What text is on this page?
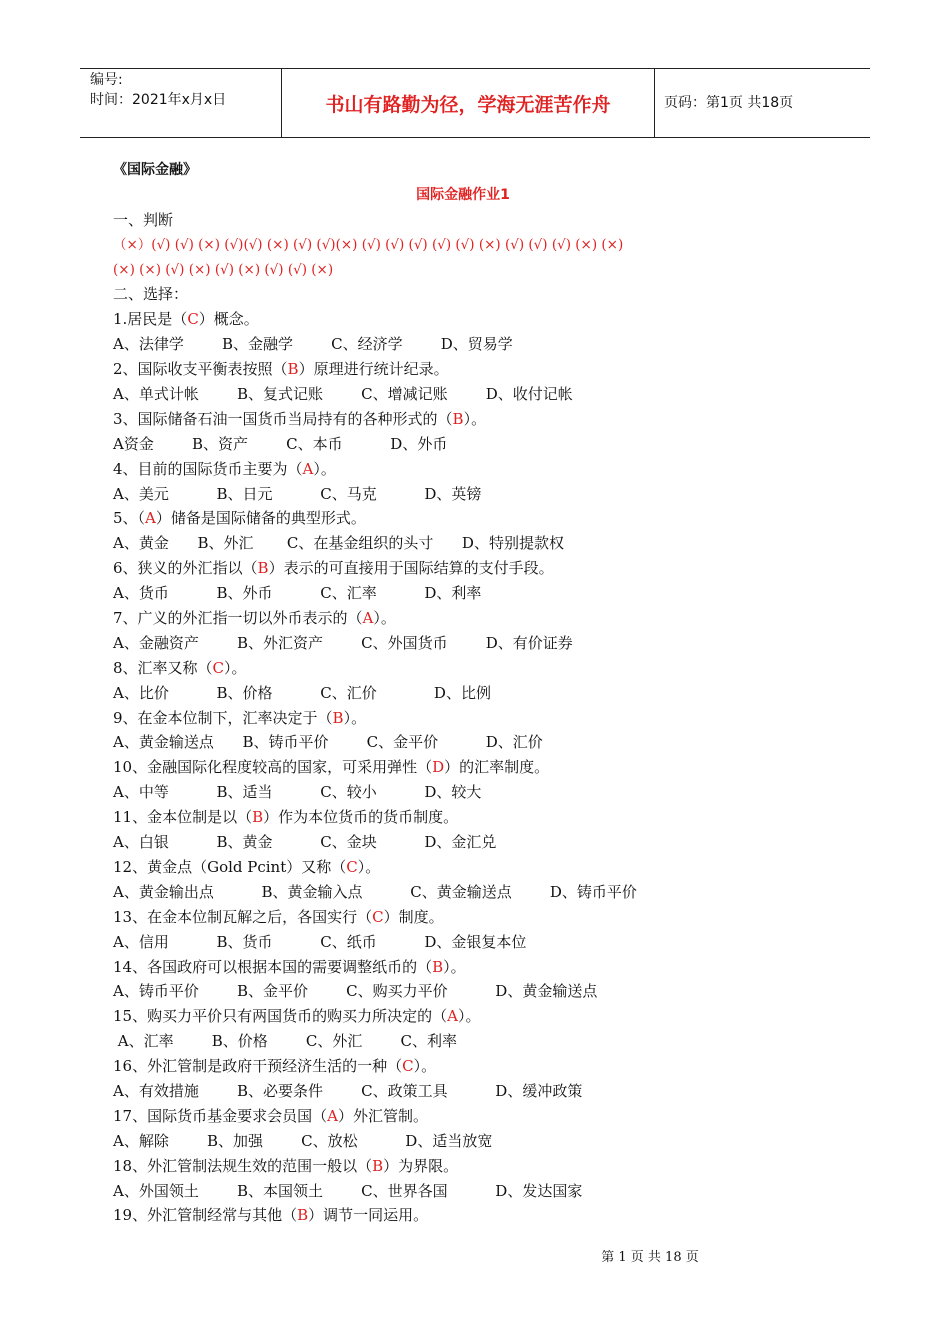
编号:
时间：2021年x月x日	书山有路勤为径，学海无涯苦作舟	页码：第1页 共18页
《国际金融》
国际金融作业1
一、判断
（×）(√) (√) (×) (√)(√) (×) (√) (√)(×) (√) (√) (√) (√) (√) (×) (√) (√) (√) (×) (×)
(×) (×) (√) (×) (√) (×) (√) (√) (×)
二、选择：
1.居民是（C）概念。
A、法律学        B、金融学        C、经济学        D、贸易学
2、国际收支平衡表按照（B）原理进行统计纪录。
A、单式计帐        B、复式记账        C、增减记账        D、收付记帐
3、国际储备石油一国货币当局持有的各种形式的（B）。
A资金        B、资产        C、本币          D、外币
4、目前的国际货币主要为（A）。
A、美元          B、日元          C、马克          D、英镑
5、（A）储备是国际储备的典型形式。
A、黄金      B、外汇       C、在基金组织的头寸      D、特别提款权
6、狭义的外汇指以（B）表示的可直接用于国际结算的支付手段。
A、货币          B、外币          C、汇率          D、利率
7、广义的外汇指一切以外币表示的（A）。
A、金融资产        B、外汇资产        C、外国货币        D、有价证券
8、汇率又称（C）。
A、比价          B、价格          C、汇价            D、比例
9、在金本位制下，汇率决定于（B）。
A、黄金输送点      B、铸币平价        C、金平价          D、汇价
10、金融国际化程度较高的国家，可采用弹性（D）的汇率制度。
A、中等          B、适当          C、较小          D、较大
11、金本位制是以（B）作为本位货币的货币制度。
A、白银          B、黄金          C、金块          D、金汇兑
12、黄金点（Gold Pcint）又称（C）。
A、黄金输出点          B、黄金输入点          C、黄金输送点        D、铸币平价
13、在金本位制瓦解之后，各国实行（C）制度。
A、信用          B、货币          C、纸币          D、金银复本位
14、各国政府可以根据本国的需要调整纸币的（B）。
A、铸币平价        B、金平价        C、购买力平价          D、黄金输送点
15、购买力平价只有两国货币的购买力所决定的（A）。
A、汇率        B、价格        C、外汇        C、利率
16、外汇管制是政府干预经济生活的一种（C）。
A、有效措施        B、必要条件        C、政策工具          D、缓冲政策
17、国际货币基金要求会员国（A）外汇管制。
A、解除        B、加强        C、放松          D、适当放宽
18、外汇管制法规生效的范围一般以（B）为界限。
A、外国领土        B、本国领土        C、世界各国          D、发达国家
19、外汇管制经常与其他（B）调节一同运用。
第 1 页 共 18 页
